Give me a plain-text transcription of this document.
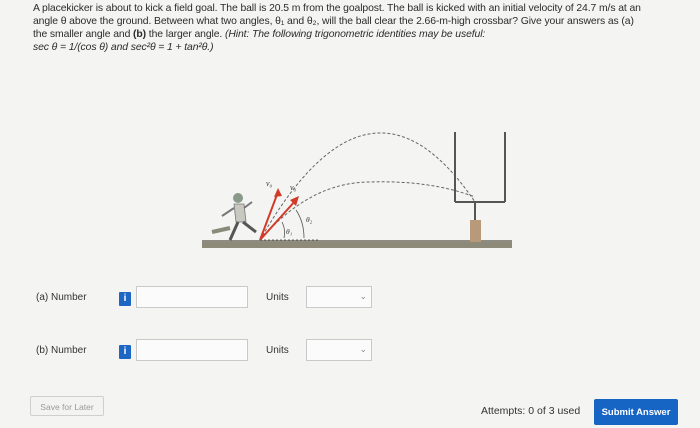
A placekicker is about to kick a field goal. The ball is 20.5 m from the goalpost. The ball is kicked with an initial velocity of 24.7 m/s at an

angle θ above the ground. Between what two angles, θ₁ and θ₂, will the ball clear the 2.66-m-high crossbar? Give your answers as (a)

the smaller angle and (b) the larger angle. (Hint: The following trigonometric identities may be useful:

sec θ = 1/(cos θ) and sec²θ = 1 + tan²θ.)

v₀ v₀
θ₁
θ₂
(a) Number	i	Units	⌄
(b) Number	i	Units	⌄
Save for Later	Attempts: 0 of 3 used	Submit Answer
